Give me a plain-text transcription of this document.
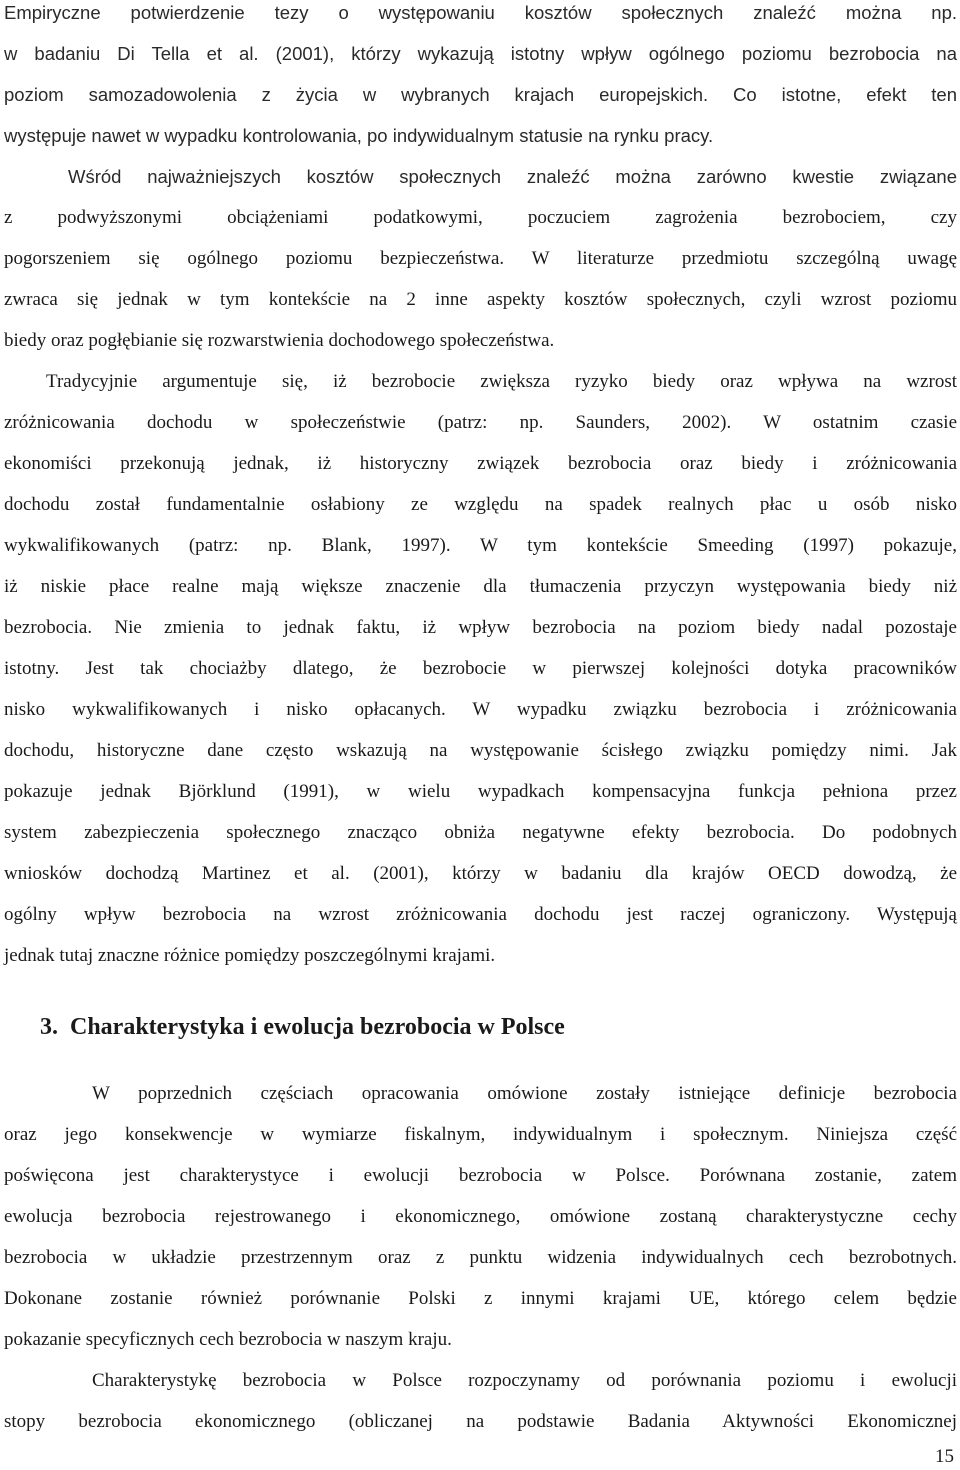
Empiryczne potwierdzenie tezy o występowaniu kosztów społecznych znaleźć można np.
w badaniu Di Tella et al. (2001), którzy wykazują istotny wpływ ogólnego poziomu bezrobocia na
poziom samozadowolenia z życia w wybranych krajach europejskich. Co istotne, efekt ten
występuje nawet w wypadku kontrolowania, po indywidualnym statusie na rynku pracy.
Wśród najważniejszych kosztów społecznych znaleźć można zarówno kwestie związane
z podwyższonymi obciążeniami podatkowymi, poczuciem zagrożenia bezrobociem, czy
pogorszeniem się ogólnego poziomu bezpieczeństwa. W literaturze przedmiotu szczególną uwagę
zwraca się jednak w tym kontekście na 2 inne aspekty kosztów społecznych, czyli wzrost poziomu
biedy oraz pogłębianie się rozwarstwienia dochodowego społeczeństwa.
Tradycyjnie argumentuje się, iż bezrobocie zwiększa ryzyko biedy oraz wpływa na wzrost
zróżnicowania dochodu w społeczeństwie (patrz: np. Saunders, 2002). W ostatnim czasie
ekonomiści przekonują jednak, iż historyczny związek bezrobocia oraz biedy i zróżnicowania
dochodu został fundamentalnie osłabiony ze względu na spadek realnych płac u osób nisko
wykwalifikowanych (patrz: np. Blank, 1997). W tym kontekście Smeeding (1997) pokazuje,
iż niskie płace realne mają większe znaczenie dla tłumaczenia przyczyn występowania biedy niż
bezrobocia. Nie zmienia to jednak faktu, iż wpływ bezrobocia na poziom biedy nadal pozostaje
istotny. Jest tak chociażby dlatego, że bezrobocie w pierwszej kolejności dotyka pracowników
nisko wykwalifikowanych i nisko opłacanych. W wypadku związku bezrobocia i zróżnicowania
dochodu, historyczne dane często wskazują na występowanie ścisłego związku pomiędzy nimi. Jak
pokazuje jednak Björklund (1991), w wielu wypadkach kompensacyjna funkcja pełniona przez
system zabezpieczenia społecznego znacząco obniża negatywne efekty bezrobocia. Do podobnych
wniosków dochodzą Martinez et al. (2001), którzy w badaniu dla krajów OECD dowodzą, że
ogólny wpływ bezrobocia na wzrost zróżnicowania dochodu jest raczej ograniczony. Występują
jednak tutaj znaczne różnice pomiędzy poszczególnymi krajami.
3. Charakterystyka i ewolucja bezrobocia w Polsce
W poprzednich częściach opracowania omówione zostały istniejące definicje bezrobocia
oraz jego konsekwencje w wymiarze fiskalnym, indywidualnym i społecznym. Niniejsza część
poświęcona jest charakterystyce i ewolucji bezrobocia w Polsce. Porównana zostanie, zatem
ewolucja bezrobocia rejestrowanego i ekonomicznego, omówione zostaną charakterystyczne cechy
bezrobocia w układzie przestrzennym oraz z punktu widzenia indywidualnych cech bezrobotnych.
Dokonane zostanie również porównanie Polski z innymi krajami UE, którego celem będzie
pokazanie specyficznych cech bezrobocia w naszym kraju.
Charakterystykę bezrobocia w Polsce rozpoczynamy od porównania poziomu i ewolucji
stopy bezrobocia ekonomicznego (obliczanej na podstawie Badania Aktywności Ekonomicznej
15
